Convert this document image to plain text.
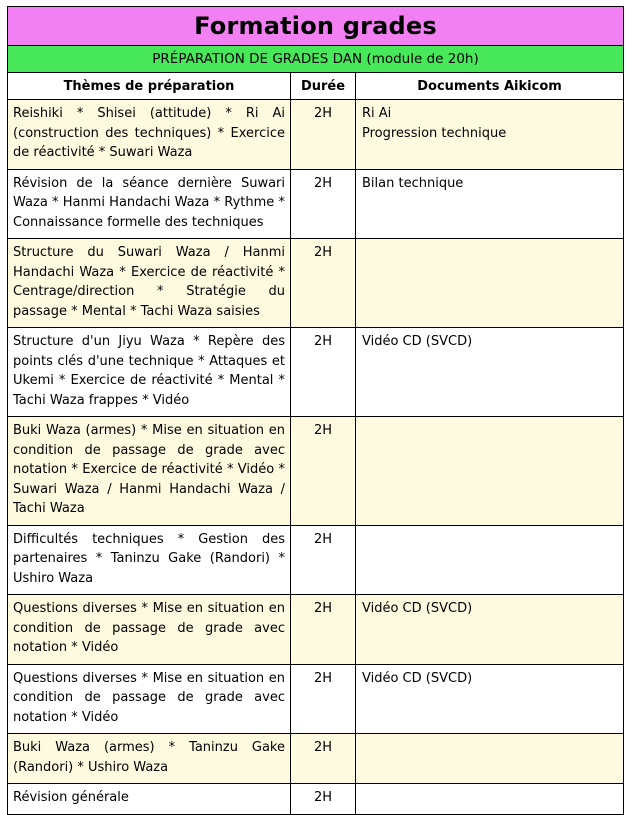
Formation grades		
PRÉPARATION DE GRADES DAN (module de 20h)		
Thèmes de préparation	Durée	Documents Aikicom
Reishiki * Shisei (attitude) * Ri Ai (construction des techniques) * Exercice de réactivité * Suwari Waza	2H	Ri Ai
Progression technique

Révision de la séance dernière Suwari Waza * Hanmi Handachi Waza * Rythme * Connaissance formelle des techniques	2H	Bilan technique

Structure du Suwari Waza / Hanmi Handachi Waza * Exercice de réactivité * Centrage/direction * Stratégie du passage * Mental * Tachi Waza saisies	2H	
Structure d'un Jiyu Waza * Repère des points clés d'une technique * Attaques et Ukemi * Exercice de réactivité * Mental * Tachi Waza frappes * Vidéo	2H	Vidéo CD (SVCD)

Buki Waza (armes) * Mise en situation en condition de passage de grade avec notation * Exercice de réactivité * Vidéo * Suwari Waza / Hanmi Handachi Waza / Tachi Waza	2H	
Difficultés techniques * Gestion des partenaires * Taninzu Gake (Randori) * Ushiro Waza	2H	
Questions diverses * Mise en situation en condition de passage de grade avec notation * Vidéo	2H	Vidéo CD (SVCD)

Questions diverses * Mise en situation en condition de passage de grade avec notation * Vidéo	2H	Vidéo CD (SVCD)

Buki Waza (armes) * Taninzu Gake (Randori) * Ushiro Waza	2H	
Révision générale	2H	
